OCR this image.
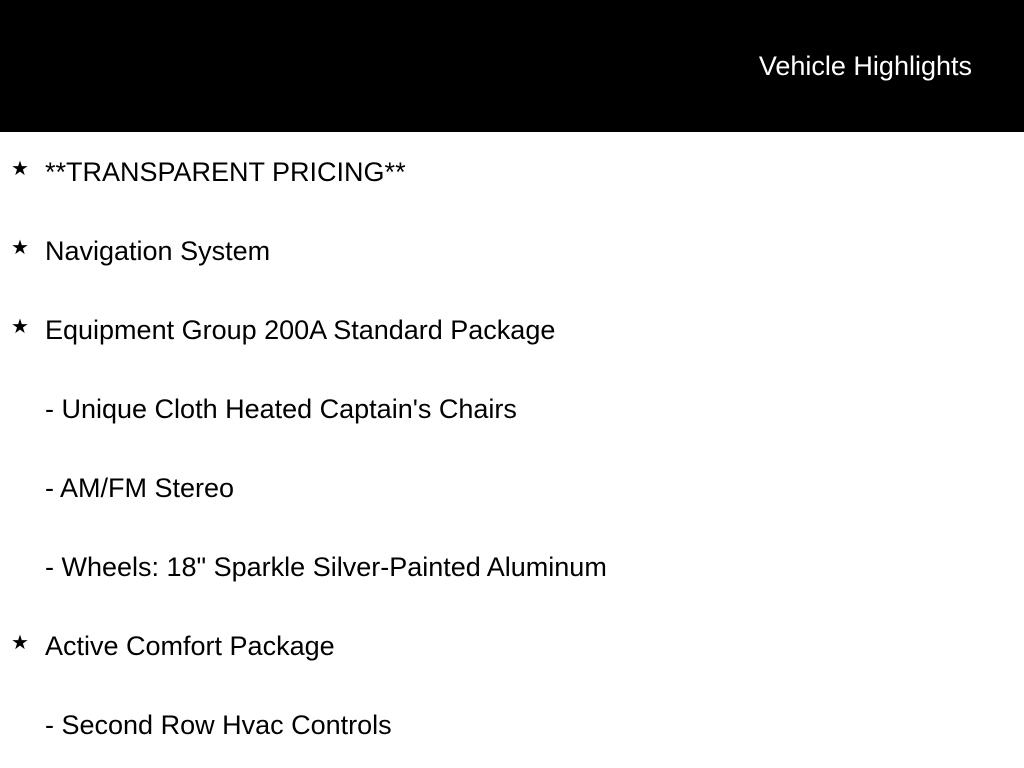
Vehicle Highlights
★ **TRANSPARENT PRICING**
★ Navigation System
★ Equipment Group 200A Standard Package
- Unique Cloth Heated Captain's Chairs
- AM/FM Stereo
- Wheels: 18" Sparkle Silver-Painted Aluminum
★ Active Comfort Package
- Second Row Hvac Controls
